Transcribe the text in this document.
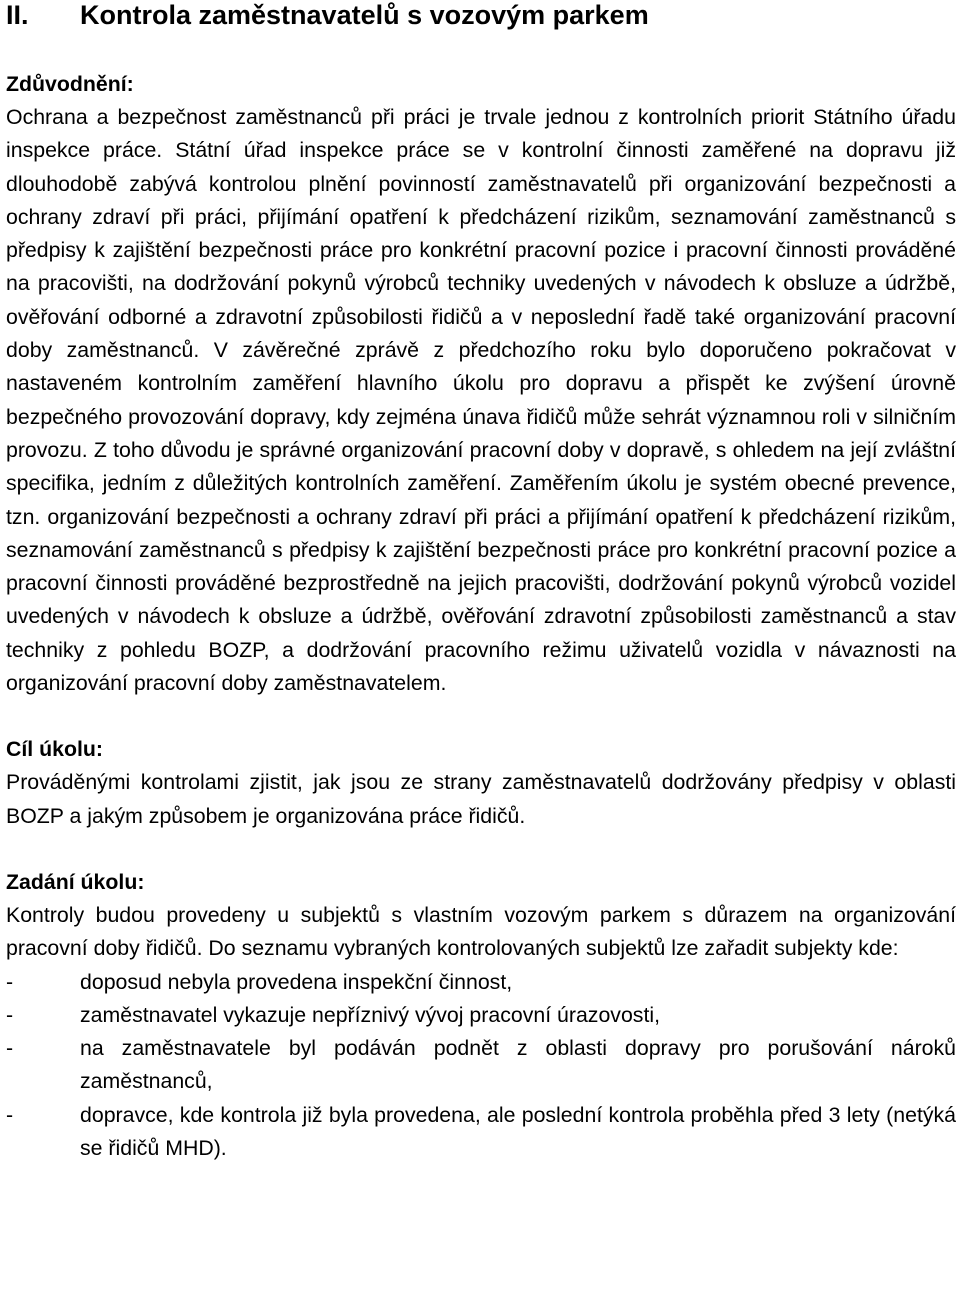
II.	Kontrola zaměstnavatelů s vozovým parkem
Zdůvodnění:

Ochrana a bezpečnost zaměstnanců při práci je trvale jednou z kontrolních priorit Státního úřadu inspekce práce. Státní úřad inspekce práce se v kontrolní činnosti zaměřené na dopravu již dlouhodobě zabývá kontrolou plnění povinností zaměstnavatelů při organizování bezpečnosti a ochrany zdraví při práci, přijímání opatření k předcházení rizikům, seznamování zaměstnanců s předpisy k zajištění bezpečnosti práce pro konkrétní pracovní pozice i pracovní činnosti prováděné na pracovišti, na dodržování pokynů výrobců techniky uvedených v návodech k obsluze a údržbě, ověřování odborné a zdravotní způsobilosti řidičů a v neposlední řadě také organizování pracovní doby zaměstnanců. V závěrečné zprávě z předchozího roku bylo doporučeno pokračovat v nastaveném kontrolním zaměření hlavního úkolu pro dopravu a přispět ke zvýšení úrovně bezpečného provozování dopravy, kdy zejména únava řidičů může sehrát významnou roli v silničním provozu. Z toho důvodu je správné organizování pracovní doby v dopravě, s ohledem na její zvláštní specifika, jedním z důležitých kontrolních zaměření. Zaměřením úkolu je systém obecné prevence, tzn. organizování bezpečnosti a ochrany zdraví při práci a přijímání opatření k předcházení rizikům, seznamování zaměstnanců s předpisy k zajištění bezpečnosti práce pro konkrétní pracovní pozice a pracovní činnosti prováděné bezprostředně na jejich pracovišti, dodržování pokynů výrobců vozidel uvedených v návodech k obsluze a údržbě, ověřování zdravotní způsobilosti zaměstnanců a stav techniky z pohledu BOZP, a dodržování pracovního režimu uživatelů vozidla v návaznosti na organizování pracovní doby zaměstnavatelem.

Cíl úkolu:

Prováděnými kontrolami zjistit, jak jsou ze strany zaměstnavatelů dodržovány předpisy v oblasti BOZP a jakým způsobem je organizována práce řidičů.

Zadání úkolu:

Kontroly budou provedeny u subjektů s vlastním vozovým parkem s důrazem na organizování pracovní doby řidičů. Do seznamu vybraných kontrolovaných subjektů lze zařadit subjekty kde:

-	doposud nebyla provedena inspekční činnost,
-	zaměstnavatel vykazuje nepříznivý vývoj pracovní úrazovosti,
-	na zaměstnavatele byl podáván podnět z oblasti dopravy pro porušování nároků zaměstnanců,
-	dopravce, kde kontrola již byla provedena, ale poslední kontrola proběhla před 3 lety (netýká se řidičů MHD).
